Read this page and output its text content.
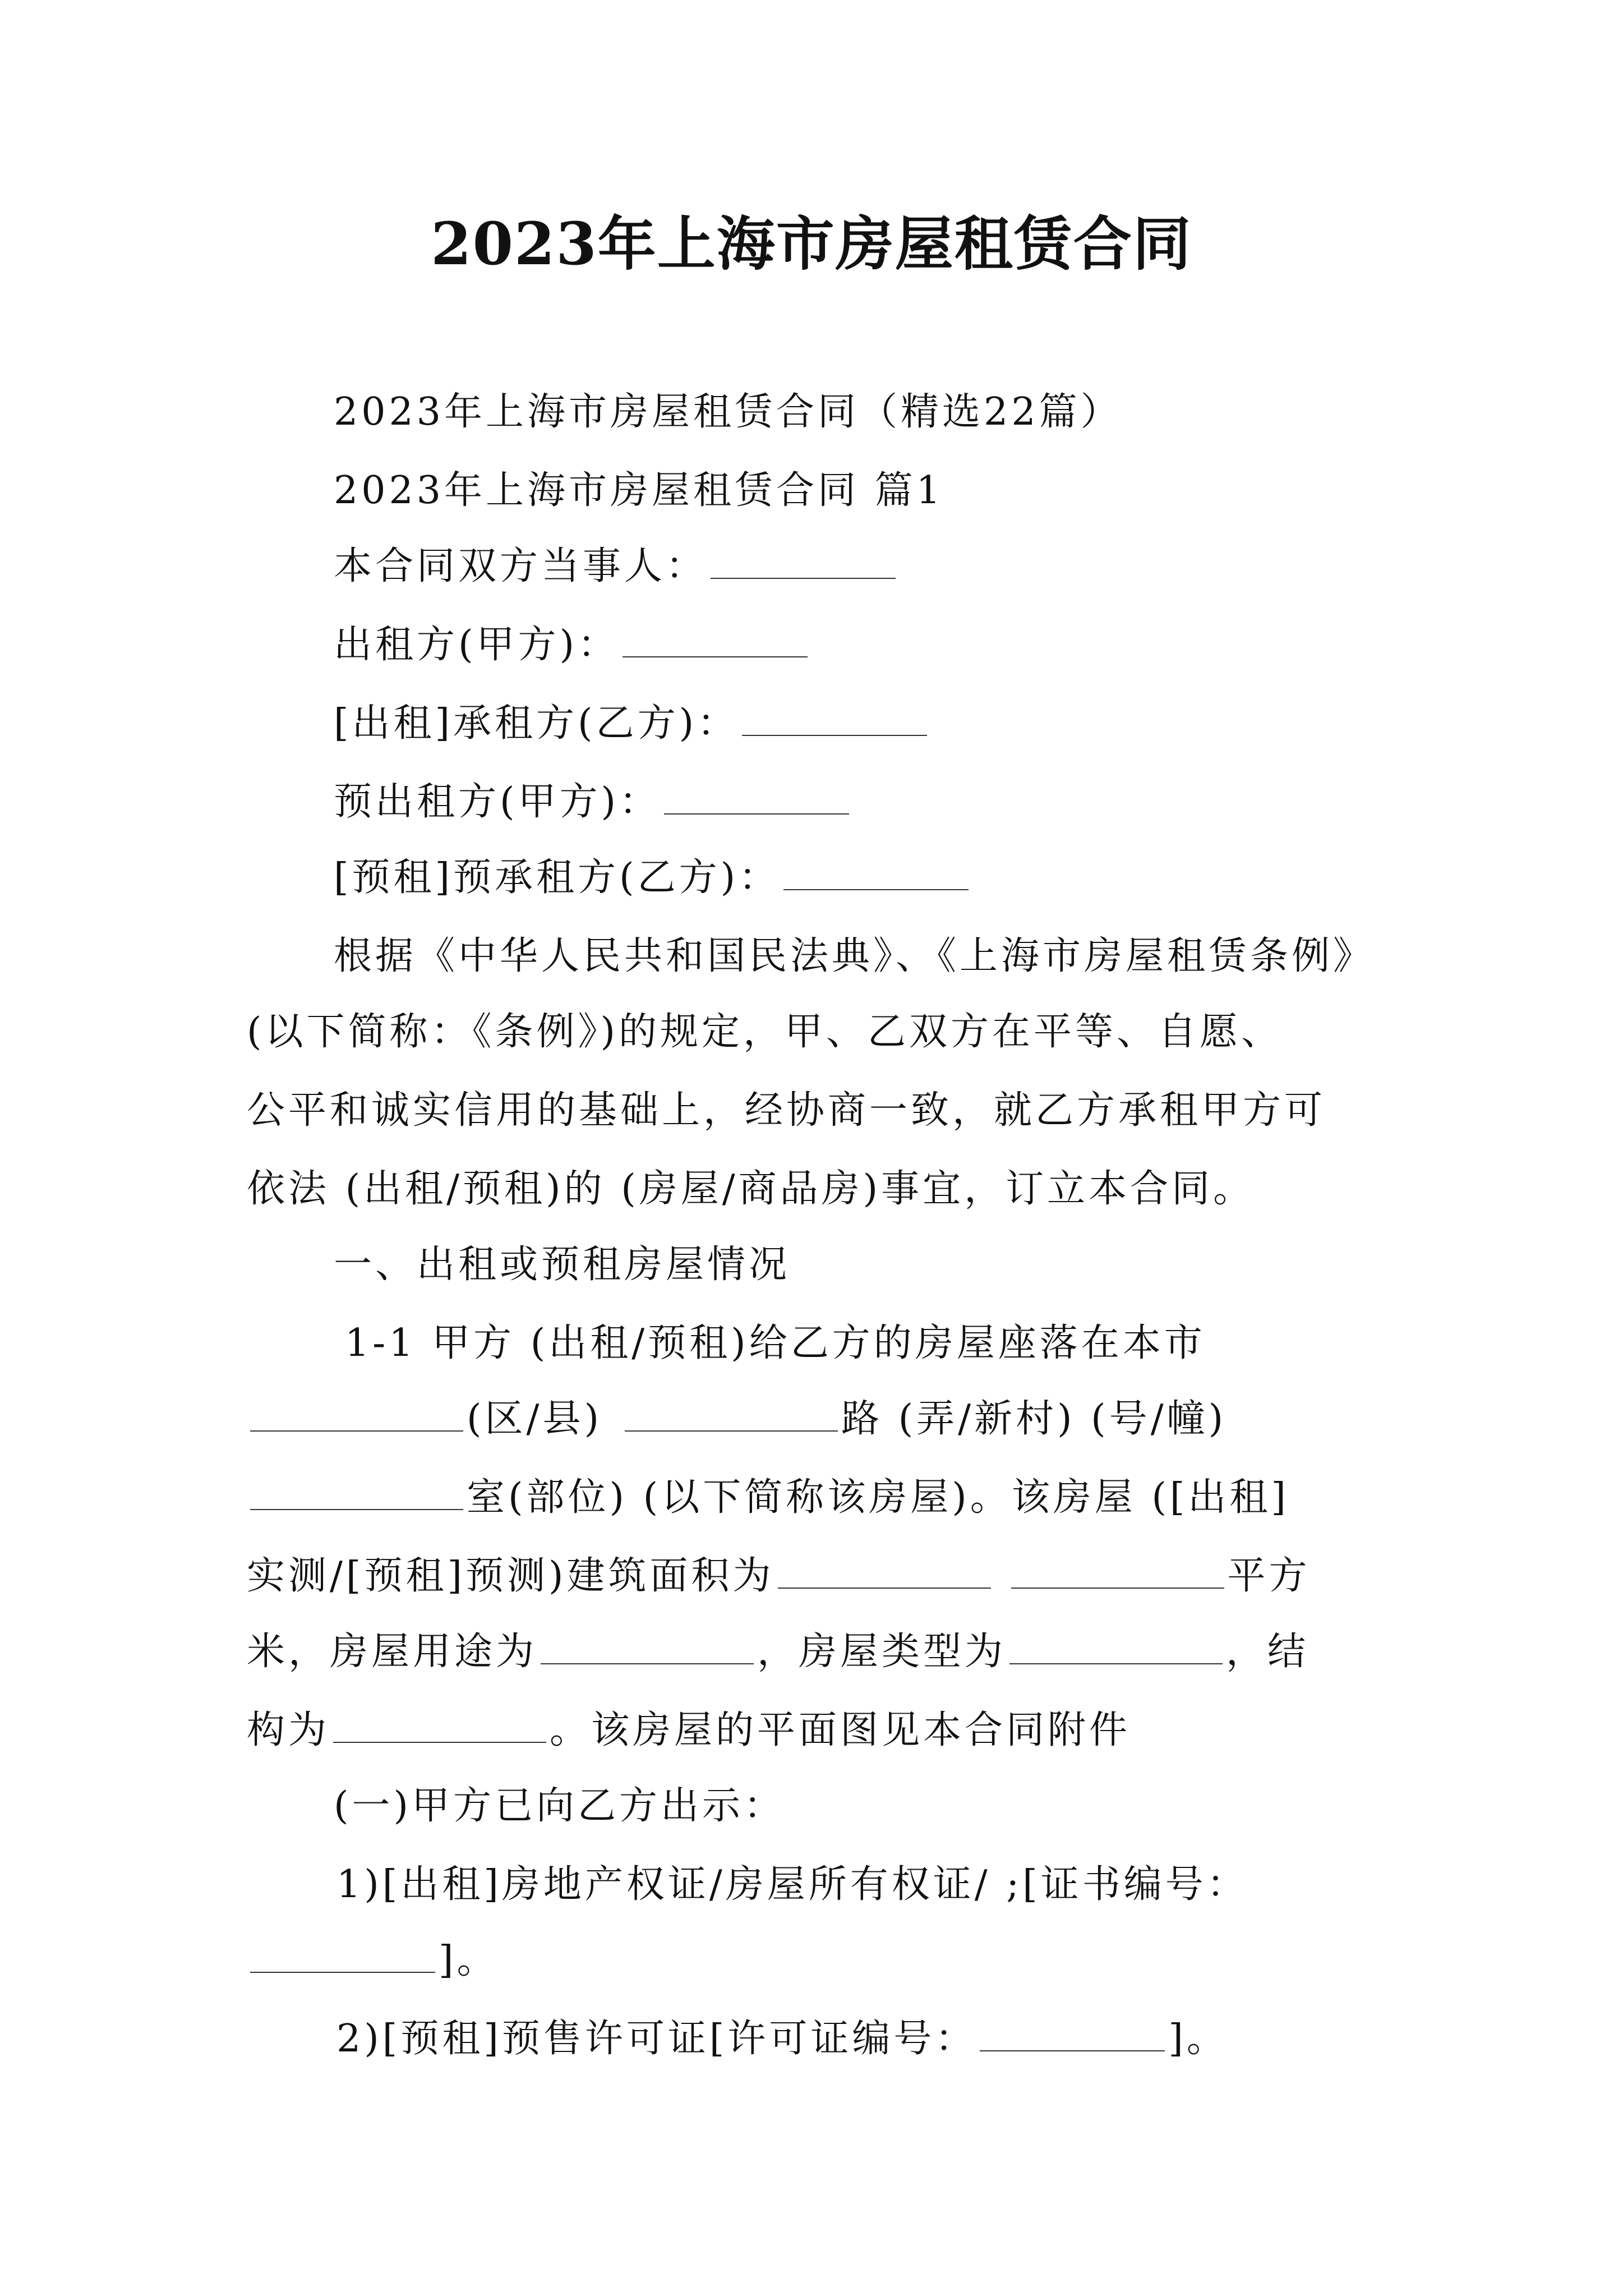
2023年上海市房屋租赁合同
2023年上海市房屋租赁合同（精选22篇）
2023年上海市房屋租赁合同 篇1
本合同双方当事人：
出租方(甲方)：
[出租]承租方(乙方)：
预出租方(甲方)：
[预租]预承租方(乙方)：
根据《中华人民共和国民法典》、《上海市房屋租赁条例》
(以下简称：《条例》)的规定，甲、乙双方在平等、自愿、
公平和诚实信用的基础上，经协商一致，就乙方承租甲方可
依法 (出租/预租)的 (房屋/商品房)事宜，订立本合同。
一、出租或预租房屋情况
1-1 甲方 (出租/预租)给乙方的房屋座落在本市
(区/县)	路 (弄/新村) (号/幢)
室(部位) (以下简称该房屋)。该房屋 ([出租]
实测/[预租]预测)建筑面积为	平方
米，房屋用途为	，房屋类型为	，结
构为	。该房屋的平面图见本合同附件
(一)甲方已向乙方出示：
1)[出租]房地产权证/房屋所有权证/ ;[证书编号：
]。
2)[预租]预售许可证[许可证编号：	]。
